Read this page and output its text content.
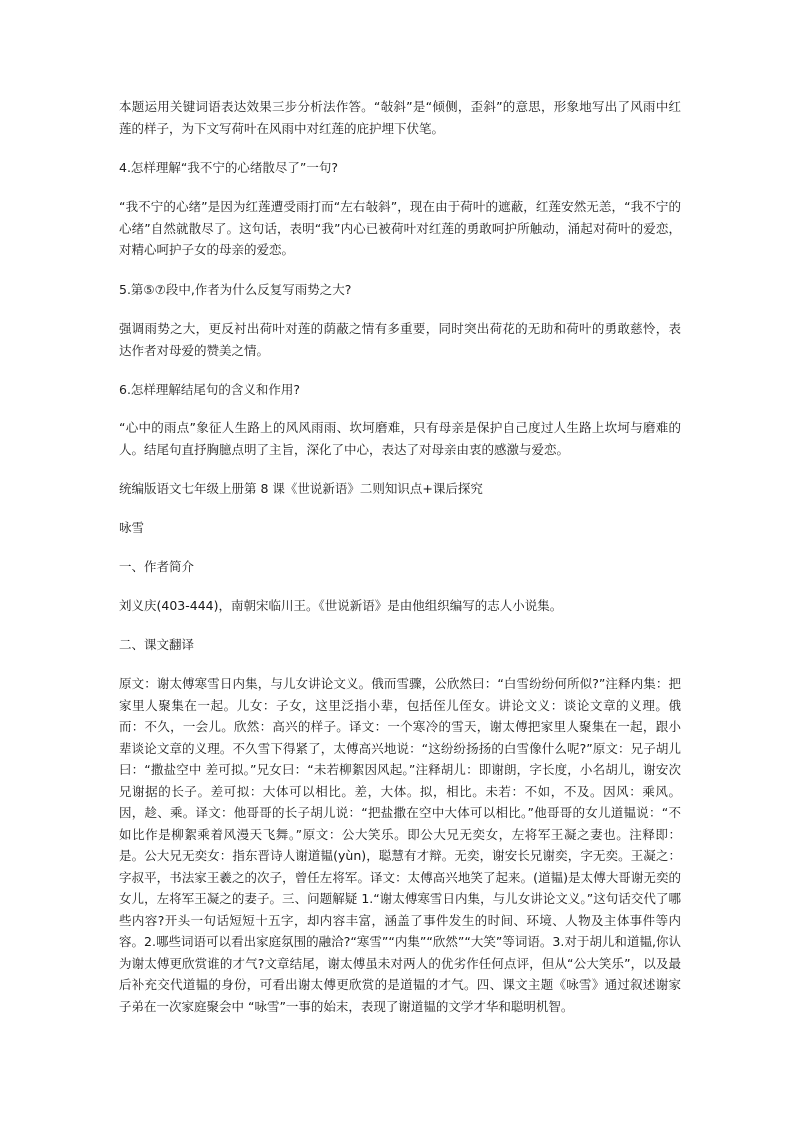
本题运用关键词语表达效果三步分析法作答。“敧斜”是“倾侧，歪斜”的意思，形象地写出了风雨中红莲的样子，为下文写荷叶在风雨中对红莲的庇护埋下伏笔。
4.怎样理解“我不宁的心绪散尽了”一句?
“我不宁的心绪”是因为红莲遭受雨打而“左右敧斜”，现在由于荷叶的遮蔽，红莲安然无恙，“我不宁的心绪”自然就散尽了。这句话，表明“我”内心已被荷叶对红莲的勇敢呵护所触动，涌起对荷叶的爱恋，对精心呵护子女的母亲的爱恋。
5.第⑤⑦段中,作者为什么反复写雨势之大?
强调雨势之大，更反衬出荷叶对莲的荫蔽之情有多重要，同时突出荷花的无助和荷叶的勇敢慈怜，表达作者对母爱的赞美之情。
6.怎样理解结尾句的含义和作用?
“心中的雨点”象征人生路上的风风雨雨、坎坷磨难，只有母亲是保护自己度过人生路上坎坷与磨难的人。结尾句直抒胸臆点明了主旨，深化了中心，表达了对母亲由衷的感激与爱恋。
统编版语文七年级上册第 8 课《世说新语》二则知识点+课后探究
咏雪
一、作者简介
刘义庆(403-444)，南朝宋临川王。《世说新语》是由他组织编写的志人小说集。
二、课文翻译
原文：谢太傅寒雪日内集，与儿女讲论文义。俄而雪骤，公欣然曰：“白雪纷纷何所似?”注释内集：把家里人聚集在一起。儿女：子女，这里泛指小辈，包括侄儿侄女。讲论文义：谈论文章的义理。俄而：不久，一会儿。欣然：高兴的样子。译文：一个寒冷的雪天，谢太傅把家里人聚集在一起，跟小辈谈论文章的义理。不久雪下得紧了，太傅高兴地说：“这纷纷扬扬的白雪像什么呢?”原文：兄子胡儿曰：“撒盐空中 差可拟。”兄女曰：“未若柳絮因风起。”注释胡儿：即谢朗，字长度，小名胡儿，谢安次兄谢据的长子。差可拟：大体可以相比。差，大体。拟，相比。未若：不如，不及。因风：乘风。因，趁、乘。译文：他哥哥的长子胡儿说：“把盐撒在空中大体可以相比。”他哥哥的女儿道韫说：“不如比作是柳絮乘着风漫天飞舞。”原文：公大笑乐。即公大兄无奕女，左将军王凝之妻也。注释即：是。公大兄无奕女：指东晋诗人谢道韫(yùn)，聪慧有才辩。无奕，谢安长兄谢奕，字无奕。王凝之：字叔平，书法家王羲之的次子，曾任左将军。译文：太傅高兴地笑了起来。(道韫)是太傅大哥谢无奕的女儿，左将军王凝之的妻子。三、问题解疑 1.“谢太傅寒雪日内集，与儿女讲论文义。”这句话交代了哪些内容?开头一句话短短十五字，却内容丰富，涵盖了事件发生的时间、环境、人物及主体事件等内容。2.哪些词语可以看出家庭氛围的融洽?“寒雪”“内集”“欣然”“大笑”等词语。3.对于胡儿和道韫,你认为谢太傅更欣赏谁的才气?文章结尾，谢太傅虽未对两人的优劣作任何点评，但从“公大笑乐”，以及最后补充交代道韫的身份，可看出谢太傅更欣赏的是道韫的才气。四、课文主题《咏雪》通过叙述谢家子弟在一次家庭聚会中 “咏雪”一事的始末，表现了谢道韫的文学才华和聪明机智。
